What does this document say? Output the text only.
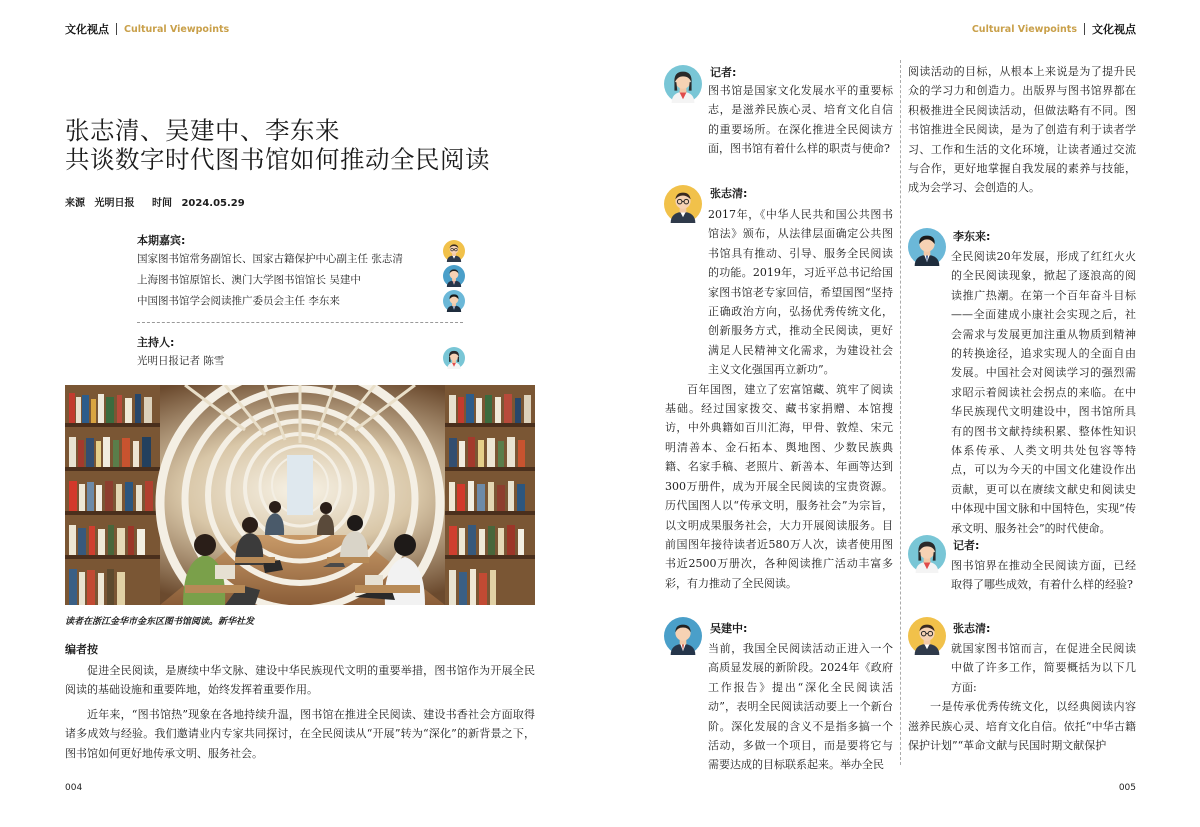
文化视点 Cultural Viewpoints	Cultural Viewpoints 文化视点
张志清、吴建中、李东来
共谈数字时代图书馆如何推动全民阅读
来源 光明日报 时间 2024.05.29
本期嘉宾:
国家图书馆常务副馆长、国家古籍保护中心副主任 张志清
上海图书馆原馆长、澳门大学图书馆馆长 吴建中
中国图书馆学会阅读推广委员会主任 李东来
主持人:
光明日报记者 陈雪
读者在浙江金华市金东区图书馆阅读。新华社发
编者按

促进全民阅读，是赓续中华文脉、建设中华民族现代文明的重要举措，图书馆作为开展全民阅读的基础设施和重要阵地，始终发挥着重要作用。

近年来，“图书馆热”现象在各地持续升温，图书馆在推进全民阅读、建设书香社会方面取得诸多成效与经验。我们邀请业内专家共同探讨，在全民阅读从“开展”转为“深化”的新背景之下，图书馆如何更好地传承文明、服务社会。

记者:

图书馆是国家文化发展水平的重要标志，是滋养民族心灵、培育文化自信的重要场所。在深化推进全民阅读方面，图书馆有着什么样的职责与使命?

张志清:

2017年，《中华人民共和国公共图书馆法》颁布，从法律层面确定公共图书馆具有推动、引导、服务全民阅读的功能。2019年，习近平总书记给国家图书馆老专家回信，希望国图“坚持正确政治方向，弘扬优秀传统文化，创新服务方式，推动全民阅读，更好满足人民精神文化需求，为建设社会主义文化强国再立新功”。

百年国图，建立了宏富馆藏、筑牢了阅读基础。经过国家拨交、藏书家捐赠、本馆搜访，中外典籍如百川汇海，甲骨、敦煌、宋元明清善本、金石拓本、舆地图、少数民族典籍、名家手稿、老照片、新善本、年画等达到300万册件，成为开展全民阅读的宝贵资源。历代国图人以“传承文明，服务社会”为宗旨，以文明成果服务社会，大力开展阅读服务。目前国图年接待读者近580万人次，读者使用图书近2500万册次，各种阅读推广活动丰富多彩，有力推动了全民阅读。

吴建中:

当前，我国全民阅读活动正进入一个高质显发展的新阶段。2024年《政府工作报告》提出“深化全民阅读活动”，表明全民阅读活动要上一个新台阶。深化发展的含义不是指多搞一个活动，多做一个项目，而是要将它与需要达成的目标联系起来。举办全民

阅读活动的目标，从根本上来说是为了提升民众的学习力和创造力。出版界与图书馆界都在积极推进全民阅读活动，但做法略有不同。图书馆推进全民阅读，是为了创造有利于读者学习、工作和生活的文化环境，让读者通过交流与合作，更好地掌握自我发展的素养与技能，成为会学习、会创造的人。

李东来:

全民阅读20年发展，形成了红红火火的全民阅读现象，掀起了逐浪高的阅读推广热潮。在第一个百年奋斗目标——全面建成小康社会实现之后，社会需求与发展更加注重从物质到精神的转换途径，追求实现人的全面自由发展。中国社会对阅读学习的强烈需求昭示着阅读社会拐点的来临。在中华民族现代文明建设中，图书馆所具有的图书文献持续积累、整体性知识体系传承、人类文明共处包容等特点，可以为今天的中国文化建设作出贡献，更可以在赓续文献史和阅读史中体现中国文脉和中国特色，实现“传承文明、服务社会”的时代使命。

记者:

图书馆界在推动全民阅读方面，已经取得了哪些成效，有着什么样的经验?

张志清:

就国家图书馆而言，在促进全民阅读中做了许多工作，简要概括为以下几方面:

一是传承优秀传统文化，以经典阅读内容滋养民族心灵、培育文化自信。依托“中华古籍保护计划”“革命文献与民国时期文献保护

004	005
